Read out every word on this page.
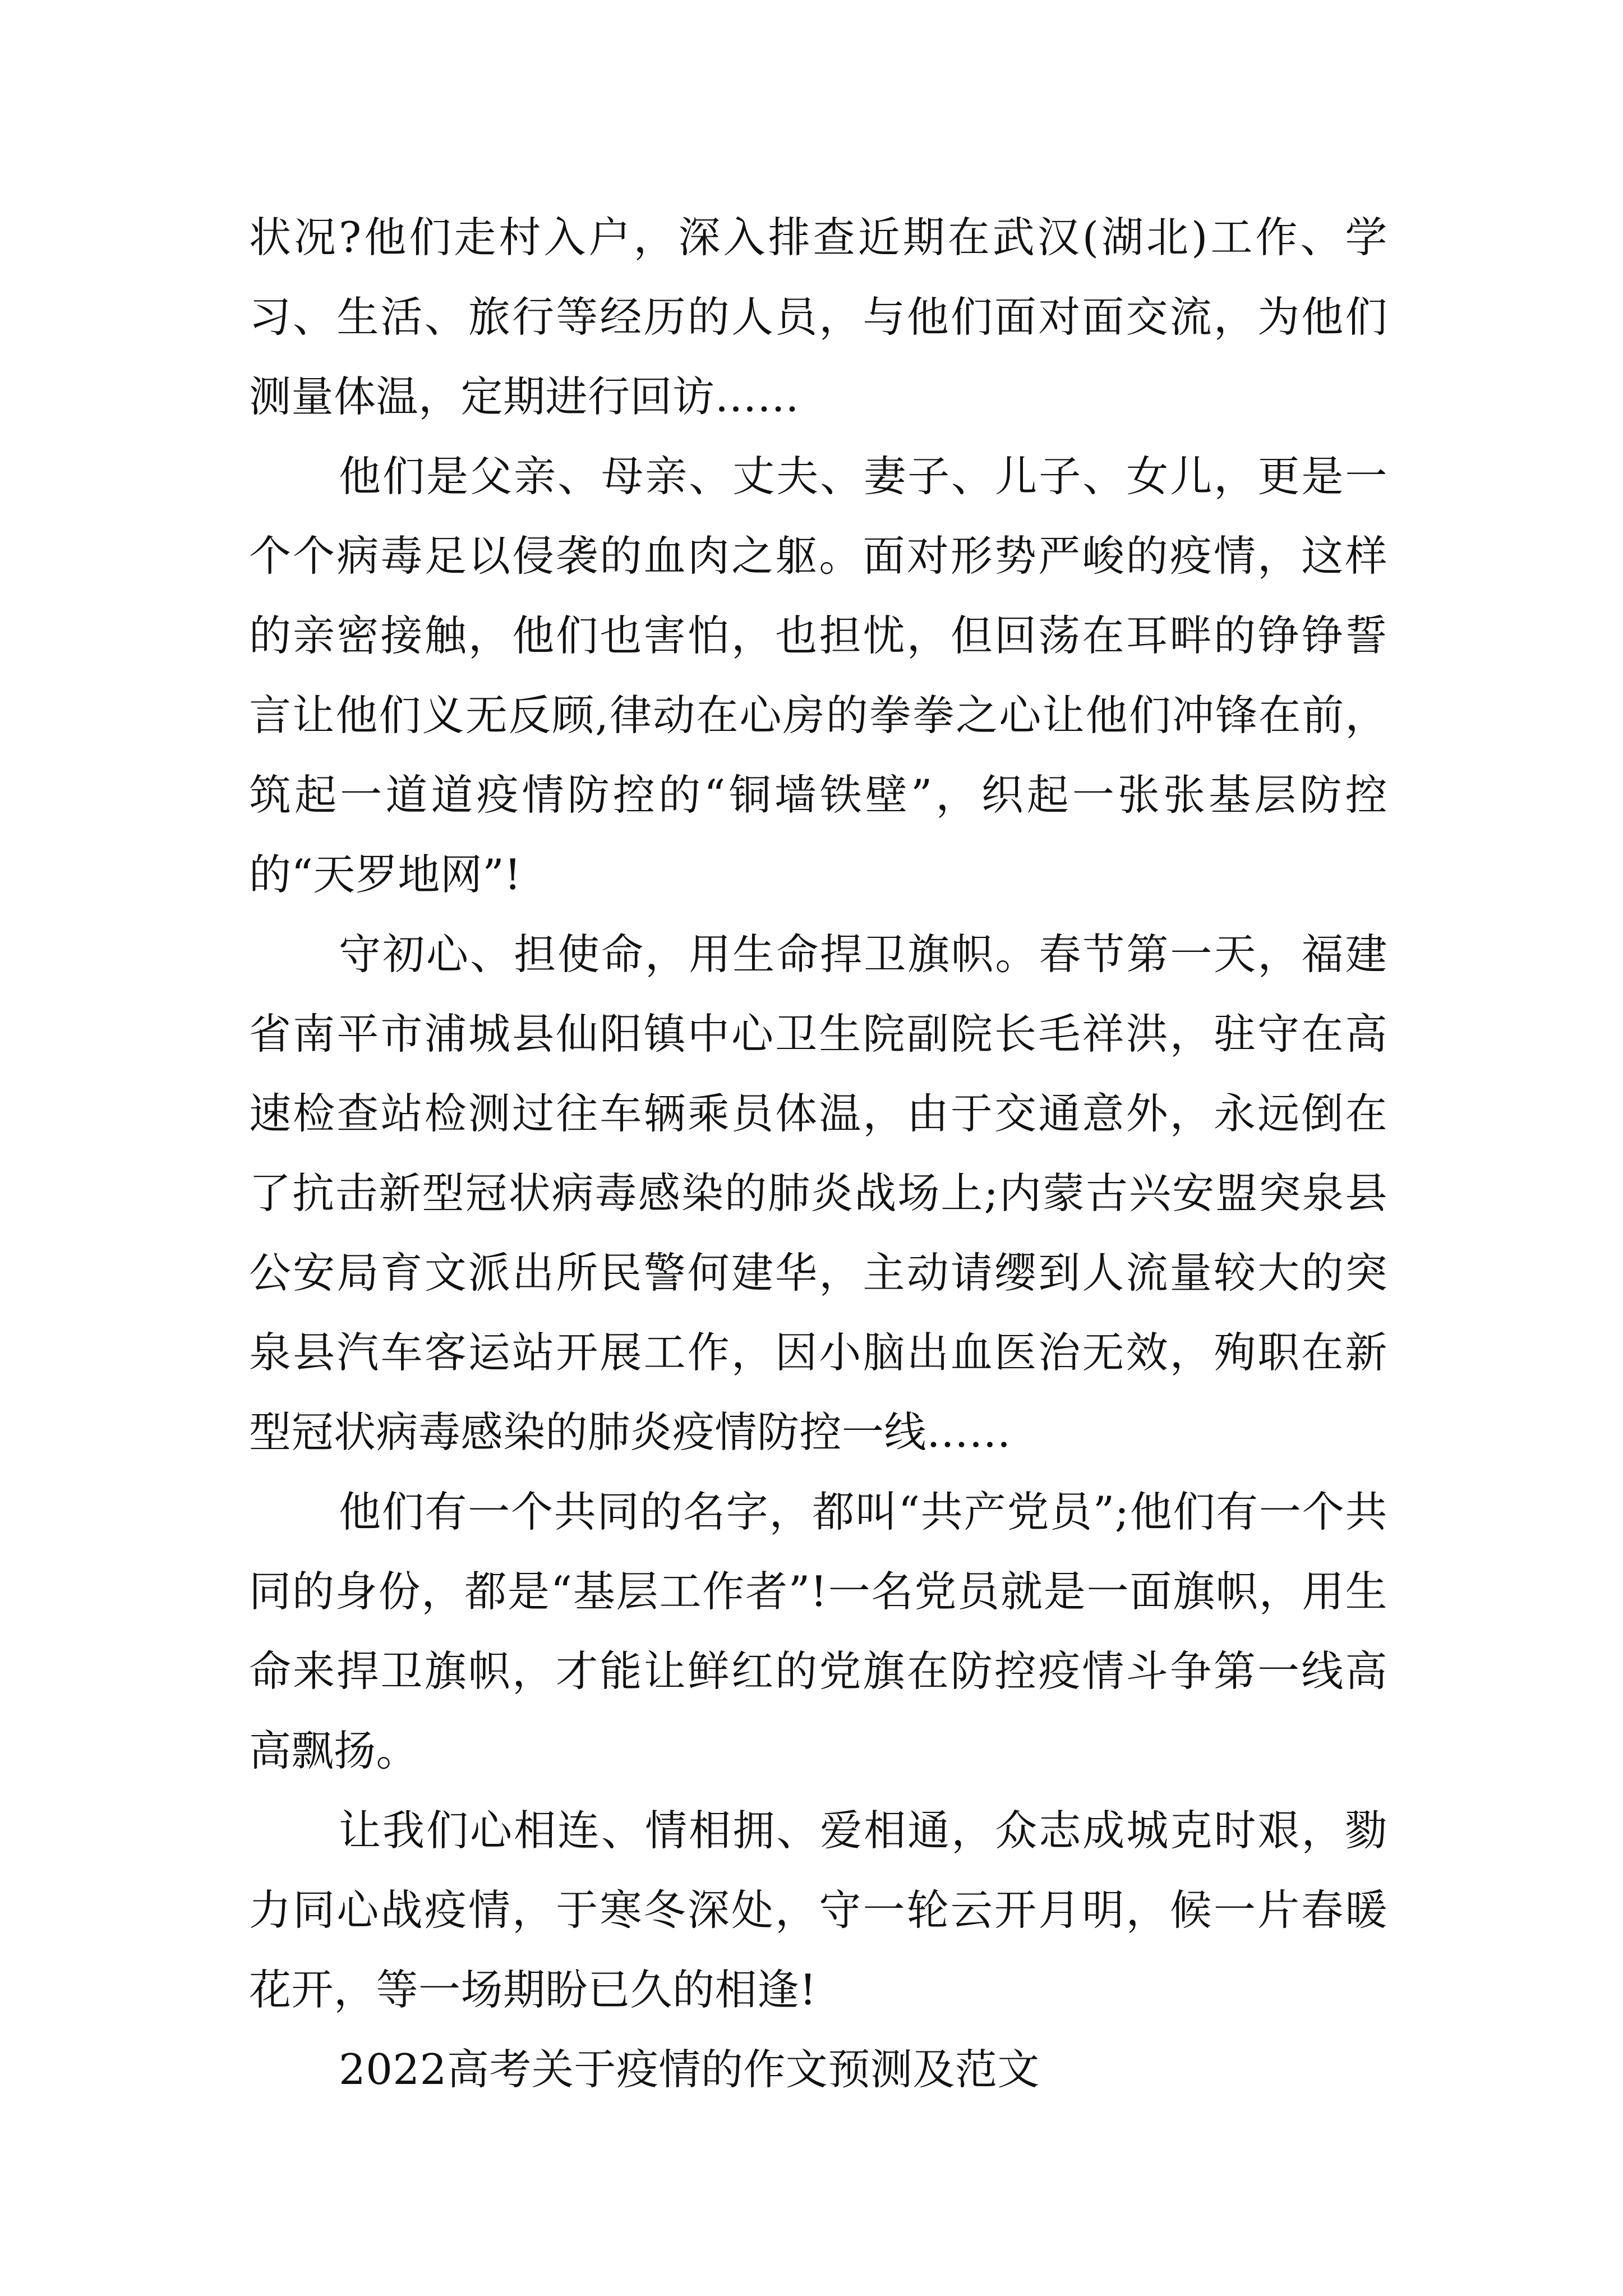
状况?他们走村入户，深入排查近期在武汉(湖北)工作、学习、生活、旅行等经历的人员，与他们面对面交流，为他们测量体温，定期进行回访……

他们是父亲、母亲、丈夫、妻子、儿子、女儿，更是一个个病毒足以侵袭的血肉之躯。面对形势严峻的疫情，这样的亲密接触，他们也害怕，也担忧，但回荡在耳畔的铮铮誓言让他们义无反顾,律动在心房的拳拳之心让他们冲锋在前，筑起一道道疫情防控的“铜墙铁壁”，织起一张张基层防控的“天罗地网”!

守初心、担使命，用生命捍卫旗帜。春节第一天，福建省南平市浦城县仙阳镇中心卫生院副院长毛祥洪，驻守在高速检查站检测过往车辆乘员体温，由于交通意外，永远倒在了抗击新型冠状病毒感染的肺炎战场上;内蒙古兴安盟突泉县公安局育文派出所民警何建华，主动请缨到人流量较大的突泉县汽车客运站开展工作，因小脑出血医治无效，殉职在新型冠状病毒感染的肺炎疫情防控一线……

他们有一个共同的名字，都叫“共产党员”;他们有一个共同的身份，都是“基层工作者”!一名党员就是一面旗帜，用生命来捍卫旗帜，才能让鲜红的党旗在防控疫情斗争第一线高高飘扬。

让我们心相连、情相拥、爱相通，众志成城克时艰，勠力同心战疫情，于寒冬深处，守一轮云开月明，候一片春暖花开，等一场期盼已久的相逢!

2022高考关于疫情的作文预测及范文
